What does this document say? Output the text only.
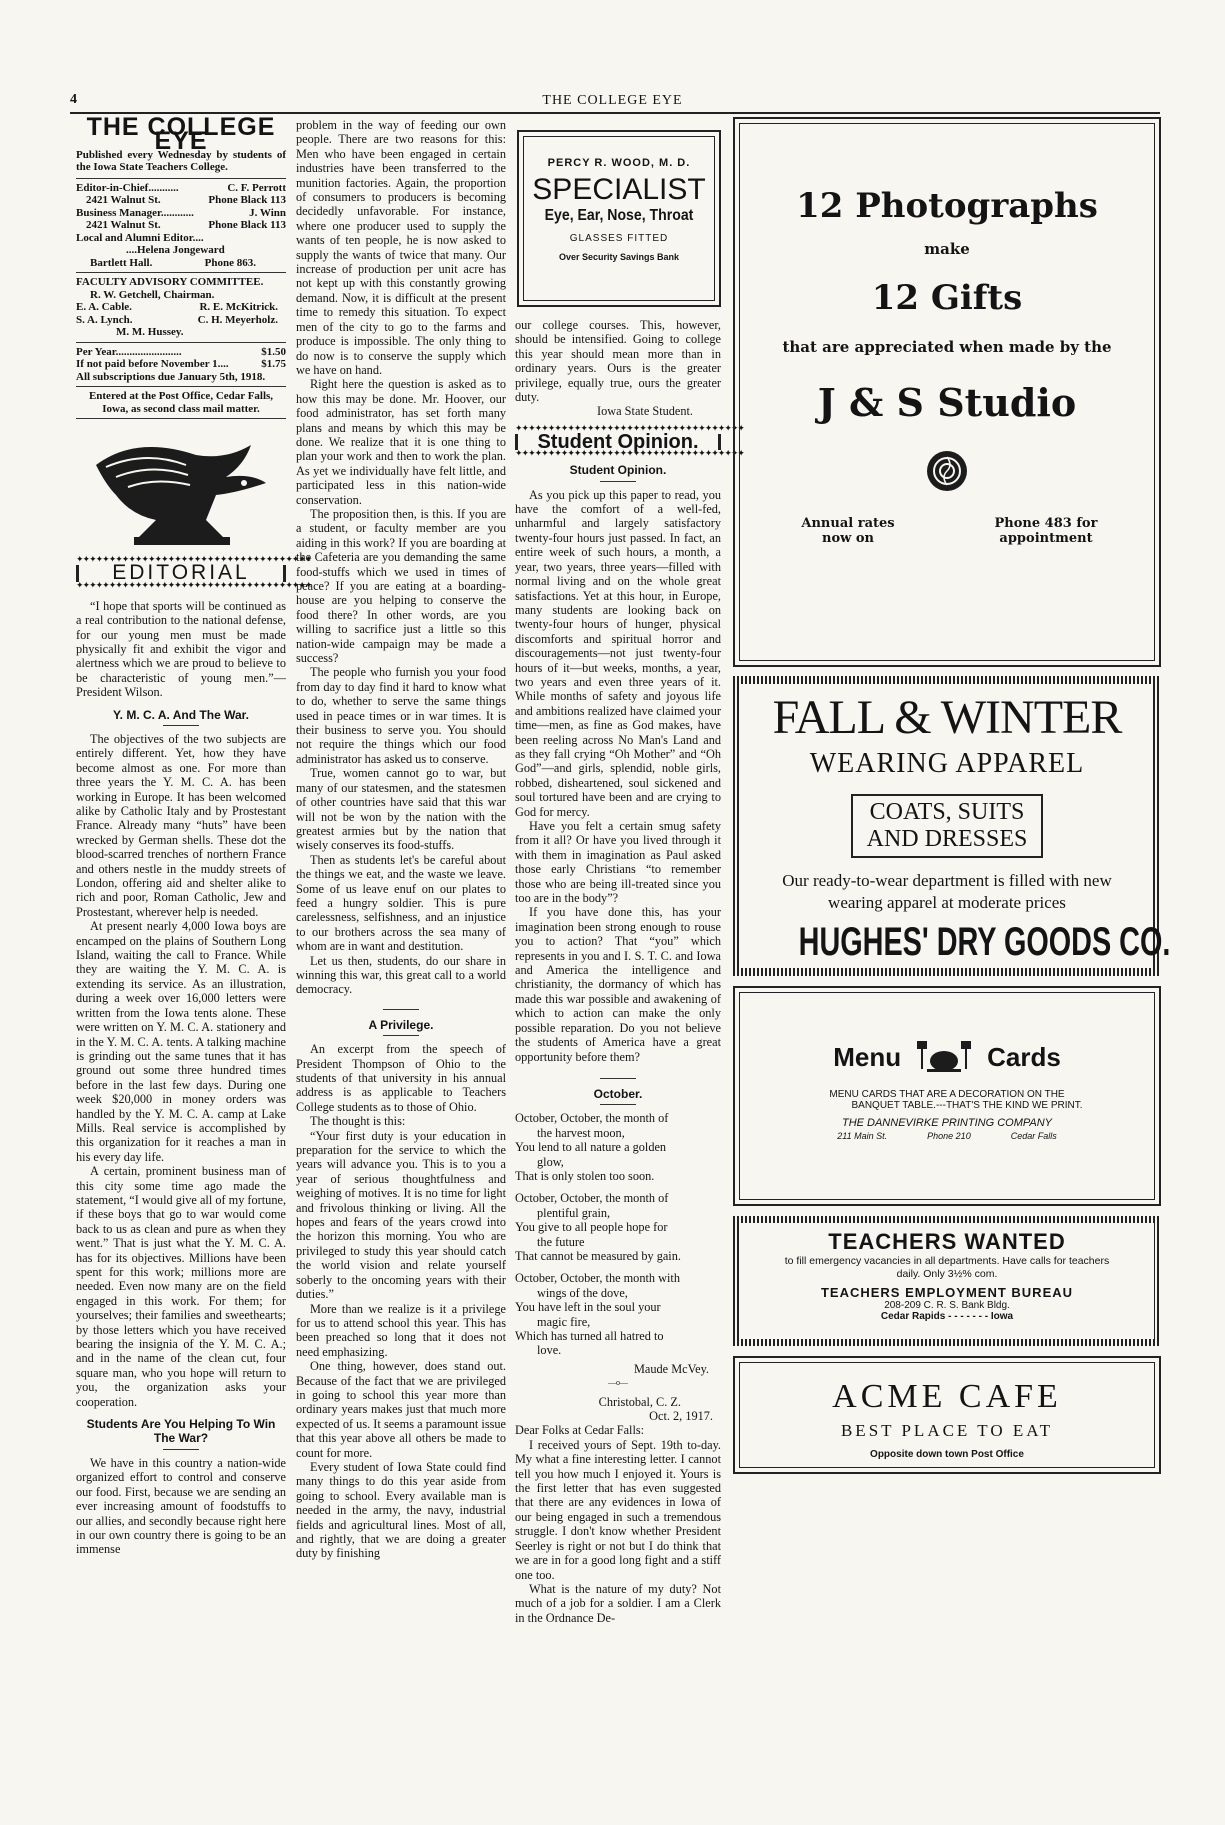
4	THE COLLEGE EYE
THE COLLEGE EYE
Published every Wednesday by students of the Iowa State Teachers College.
Editor-in-Chief...........	C. F. Perrott
2421 Walnut St.	Phone Black 113
Business Manager............	J. Winn
2421 Walnut St.	Phone Black 113
Local and Alumni Editor....
....Helena Jongeward
Bartlett Hall.	Phone 863.
FACULTY ADVISORY COMMITTEE.
R. W. Getchell, Chairman.
E. A. Cable.	R. E. McKitrick.
S. A. Lynch.	C. H. Meyerholz.
M. M. Hussey.
Per Year........................	$1.50
If not paid before November 1....	$1.75
All subscriptions due January 5th, 1918.
Entered at the Post Office, Cedar Falls, Iowa, as second class mail matter.
✦✦✦✦✦✦✦✦✦✦✦✦✦✦✦✦✦✦✦✦✦✦✦✦✦✦✦✦✦✦✦✦✦✦✦✦
EDITORIAL
✦✦✦✦✦✦✦✦✦✦✦✦✦✦✦✦✦✦✦✦✦✦✦✦✦✦✦✦✦✦✦✦✦✦✦✦

“I hope that sports will be continued as a real contribution to the national defense, for our young men must be made physically fit and exhibit the vigor and alertness which we are proud to believe to be characteristic of young men.”—President Wilson.

Y. M. C. A. And The War.

The objectives of the two subjects are entirely different. Yet, how they have become almost as one. For more than three years the Y. M. C. A. has been working in Europe. It has been welcomed alike by Catholic Italy and by Prostestant France. Already many “huts” have been wrecked by German shells. These dot the blood-scarred trenches of northern France and others nestle in the muddy streets of London, offering aid and shelter alike to rich and poor, Roman Catholic, Jew and Prostestant, wherever help is needed.

At present nearly 4,000 Iowa boys are encamped on the plains of Southern Long Island, waiting the call to France. While they are waiting the Y. M. C. A. is extending its service. As an illustration, during a week over 16,000 letters were written from the Iowa tents alone. These were written on Y. M. C. A. stationery and in the Y. M. C. A. tents. A talking machine is grinding out the same tunes that it has ground out some three hundred times before in the last few days. During one week $20,000 in money orders was handled by the Y. M. C. A. camp at Lake Mills. Real service is accomplished by this organization for it reaches a man in his every day life.

A certain, prominent business man of this city some time ago made the statement, “I would give all of my fortune, if these boys that go to war would come back to us as clean and pure as when they went.” That is just what the Y. M. C. A. has for its objectives. Millions have been spent for this work; millions more are needed. Even now many are on the field engaged in this work. For them; for yourselves; their families and sweethearts; by those letters which you have received bearing the insignia of the Y. M. C. A.; and in the name of the clean cut, four square man, who you hope will return to you, the organization asks your cooperation.

Students Are You Helping To Win The War?

We have in this country a nation-wide organized effort to control and conserve our food. First, because we are sending an ever increasing amount of foodstuffs to our allies, and secondly because right here in our own country there is going to be an immense

problem in the way of feeding our own people. There are two reasons for this: Men who have been engaged in certain industries have been transferred to the munition factories. Again, the proportion of consumers to producers is becoming decidedly unfavorable. For instance, where one producer used to supply the wants of ten people, he is now asked to supply the wants of twice that many. Our increase of production per unit acre has not kept up with this constantly growing demand. Now, it is difficult at the present time to remedy this situation. To expect men of the city to go to the farms and produce is impossible. The only thing to do now is to conserve the supply which we have on hand.

Right here the question is asked as to how this may be done. Mr. Hoover, our food administrator, has set forth many plans and means by which this may be done. We realize that it is one thing to plan your work and then to work the plan. As yet we individually have felt little, and participated less in this nation-wide conservation.

The proposition then, is this. If you are a student, or faculty member are you aiding in this work? If you are boarding at the Cafeteria are you demanding the same food-stuffs which we used in times of peace? If you are eating at a boarding-house are you helping to conserve the food there? In other words, are you willing to sacrifice just a little so this nation-wide campaign may be made a success?

The people who furnish you your food from day to day find it hard to know what to do, whether to serve the same things used in peace times or in war times. It is their business to serve you. You should not require the things which our food administrator has asked us to conserve.

True, women cannot go to war, but many of our statesmen, and the statesmen of other countries have said that this war will not be won by the nation with the greatest armies but by the nation that wisely conserves its food-stuffs.

Then as students let's be careful about the things we eat, and the waste we leave. Some of us leave enuf on our plates to feed a hungry soldier. This is pure carelessness, selfishness, and an injustice to our brothers across the sea many of whom are in want and destitution.

Let us then, students, do our share in winning this war, this great call to a world democracy.

A Privilege.

An excerpt from the speech of President Thompson of Ohio to the students of that university in his annual address is as applicable to Teachers College students as to those of Ohio.

The thought is this:

“Your first duty is your education in preparation for the service to which the years will advance you. This is to you a year of serious thoughtfulness and weighing of motives. It is no time for light and frivolous thinking or living. All the hopes and fears of the years crowd into the horizon this morning. You who are privileged to study this year should catch the world vision and relate yourself soberly to the oncoming years with their duties.”

More than we realize is it a privilege for us to attend school this year. This has been preached so long that it does not need emphasizing.

One thing, however, does stand out. Because of the fact that we are privileged in going to school this year more than ordinary years makes just that much more expected of us. It seems a paramount issue that this year above all others be made to count for more.

Every student of Iowa State could find many things to do this year aside from going to school. Every available man is needed in the army, the navy, industrial fields and agricultural lines. Most of all, and rightly, that we are doing a greater duty by finishing

PERCY R. WOOD, M. D.
SPECIALIST
Eye, Ear, Nose, Throat
GLASSES FITTED
Over Security Savings Bank

our college courses. This, however, should be intensified. Going to college this year should mean more than in ordinary years. Ours is the greater privilege, equally true, ours the greater duty.

Iowa State Student.
✦✦✦✦✦✦✦✦✦✦✦✦✦✦✦✦✦✦✦✦✦✦✦✦✦✦✦✦✦✦✦✦✦✦✦
Student Opinion.
✦✦✦✦✦✦✦✦✦✦✦✦✦✦✦✦✦✦✦✦✦✦✦✦✦✦✦✦✦✦✦✦✦✦✦
Student Opinion.

As you pick up this paper to read, you have the comfort of a well-fed, unharmful and largely satisfactory twenty-four hours just passed. In fact, an entire week of such hours, a month, a year, two years, three years—filled with normal living and on the whole great satisfactions. Yet at this hour, in Europe, many students are looking back on twenty-four hours of hunger, physical discomforts and spiritual horror and discouragements—not just twenty-four hours of it—but weeks, months, a year, two years and even three years of it. While months of safety and joyous life and ambitions realized have claimed your time—men, as fine as God makes, have been reeling across No Man's Land and as they fall crying “Oh Mother” and “Oh God”—and girls, splendid, noble girls, robbed, disheartened, soul sickened and soul tortured have been and are crying to God for mercy.

Have you felt a certain smug safety from it all? Or have you lived through it with them in imagination as Paul asked those early Christians “to remember those who are being ill-treated since you too are in the body”?

If you have done this, has your imagination been strong enough to rouse you to action? That “you” which represents in you and I. S. T. C. and Iowa and America the intelligence and christianity, the dormancy of which has made this war possible and awakening of which to action can make the only possible reparation. Do you not believe the students of America have a great opportunity before them?

October.
October, October, the month of
the harvest moon,
You lend to all nature a golden
glow,
That is only stolen too soon.
October, October, the month of
plentiful grain,
You give to all people hope for
the future
That cannot be measured by gain.
October, October, the month with
wings of the dove,
You have left in the soul your
magic fire,
Which has turned all hatred to
love.
Maude McVey.
—o—
Christobal, C. Z.
Oct. 2, 1917.
Dear Folks at Cedar Falls:

I received yours of Sept. 19th to-day. My what a fine interesting letter. I cannot tell you how much I enjoyed it. Yours is the first letter that has even suggested that there are any evidences in Iowa of our being engaged in such a tremendous struggle. I don't know whether President Seerley is right or not but I do think that we are in for a good long fight and a stiff one too.

What is the nature of my duty? Not much of a job for a soldier. I am a Clerk in the Ordnance De-

12 Photographs
make
12 Gifts
that are appreciated when made by the
J & S Studio
Annual rates now on
Phone 483 for appointment
FALL & WINTER
WEARING APPAREL
COATS, SUITS
AND DRESSES
Our ready-to-wear department is filled with new wearing apparel at moderate prices
HUGHES' DRY GOODS CO.
Menu	Cards
MENU CARDS THAT ARE A DECORATION ON THE
BANQUET TABLE.---THAT'S THE KIND WE PRINT.
THE DANNEVIRKE PRINTING COMPANY
211 Main St.	Phone 210	Cedar Falls
TEACHERS WANTED
to fill emergency vacancies in all departments. Have calls for teachers
daily. Only 3½% com.
TEACHERS EMPLOYMENT BUREAU
208-209 C. R. S. Bank Bldg.
Cedar Rapids - - - - - - - Iowa
ACME CAFE
BEST PLACE TO EAT
Opposite down town Post Office
